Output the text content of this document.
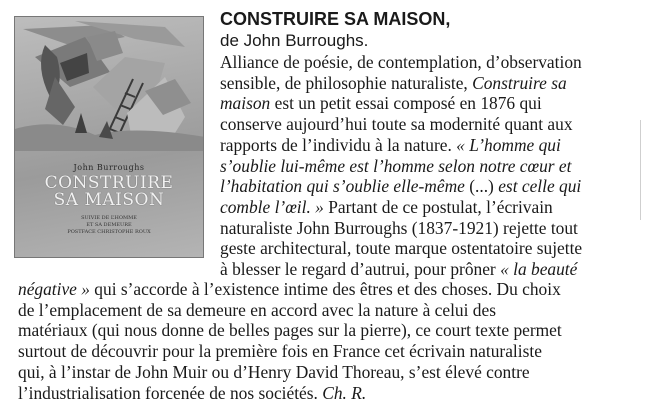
John Burroughs
CONSTRUIRE
SA MAISON
SUIVIE DE L’HOMME
ET SA DEMEURE
POSTFACE CHRISTOPHE ROUX
CONSTRUIRE SA MAISON,

de John Burroughs.

Alliance de poésie, de contemplation, d’observation
sensible, de philosophie naturaliste, Construire sa
maison est un petit essai composé en 1876 qui
conserve aujourd’hui toute sa modernité quant aux
rapports de l’individu à la nature. « L’homme qui
s’oublie lui-même est l’homme selon notre cœur et
l’habitation qui s’oublie elle-même (...) est celle qui
comble l’œil. » Partant de ce postulat, l’écrivain
naturaliste John Burroughs (1837-1921) rejette tout
geste architectural, toute marque ostentatoire sujette
à blesser le regard d’autrui, pour prôner « la beauté

négative » qui s’accorde à l’existence intime des êtres et des choses. Du choix
de l’emplacement de sa demeure en accord avec la nature à celui des
matériaux (qui nous donne de belles pages sur la pierre), ce court texte permet
surtout de découvrir pour la première fois en France cet écrivain naturaliste
qui, à l’instar de John Muir ou d’Henry David Thoreau, s’est élevé contre
l’industrialisation forcenée de nos sociétés. Ch. R.
